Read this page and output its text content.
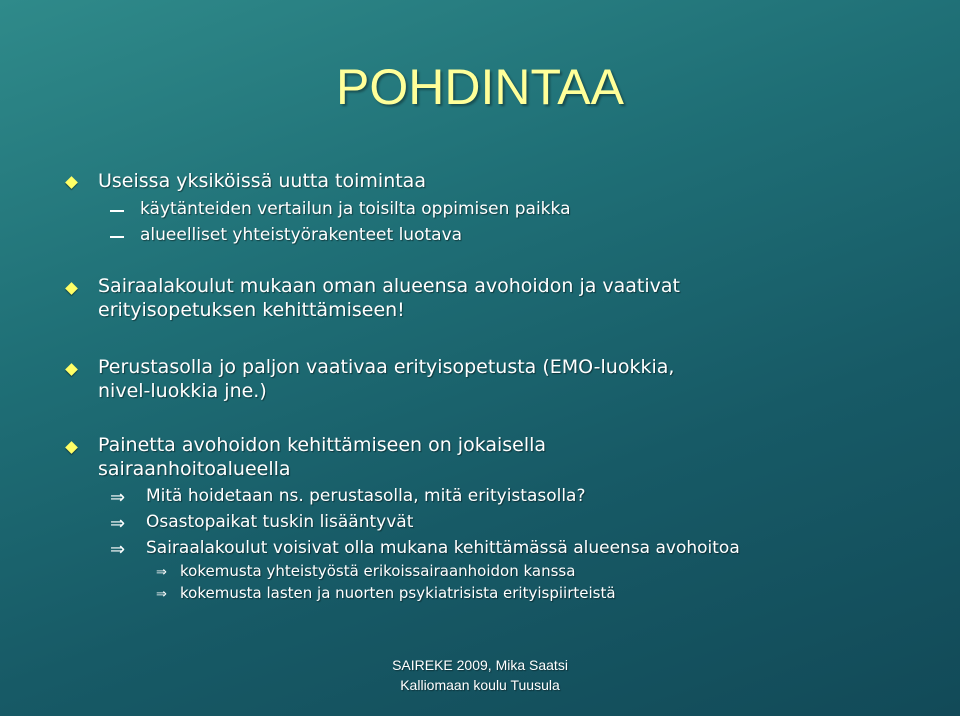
POHDINTAA
Useissa yksiköissä uutta toimintaa
käytänteiden vertailun ja toisilta oppimisen paikka
alueelliset yhteistyörakenteet luotava
Sairaalakoulut mukaan oman alueensa avohoidon ja vaativat
erityisopetuksen kehittämiseen!
Perustasolla jo paljon vaativaa erityisopetusta (EMO-luokkia,
nivel-luokkia jne.)
Painetta avohoidon kehittämiseen on jokaisella
sairaanhoitoalueella
⇒ Mitä hoidetaan ns. perustasolla, mitä erityistasolla?
⇒ Osastopaikat tuskin lisääntyvät
⇒ Sairaalakoulut voisivat olla mukana kehittämässä alueensa avohoitoa
⇒ kokemusta yhteistyöstä erikoissairaanhoidon kanssa
⇒ kokemusta lasten ja nuorten psykiatrisista erityispiirteistä
SAIREKE 2009, Mika Saatsi
Kalliomaan koulu Tuusula
